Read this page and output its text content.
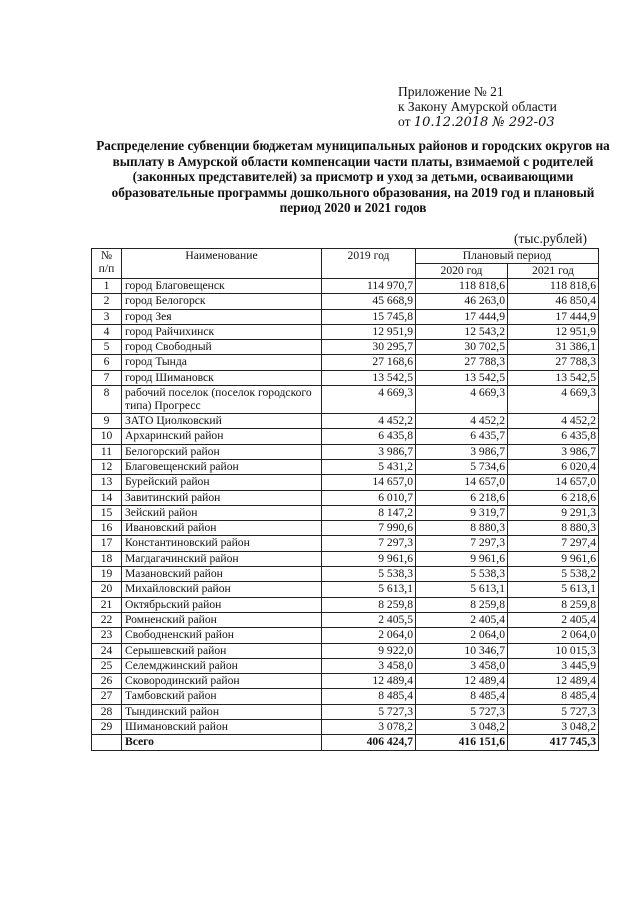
Приложение № 21
к Закону Амурской области
от 10.12.2018 № 292-03
Распределение субвенции бюджетам муниципальных районов и городских округов на выплату в Амурской области компенсации части платы, взимаемой с родителей (законных представителей) за присмотр и уход за детьми, осваивающими образовательные программы дошкольного образования, на 2019 год и плановый период 2020 и 2021 годов
(тыс.рублей)
№ п/п	Наименование	2019 год	Плановый период	
			2020 год	2021 год
1	город Благовещенск	114 970,7	118 818,6	118 818,6
2	город Белогорск	45 668,9	46 263,0	46 850,4
3	город Зея	15 745,8	17 444,9	17 444,9
4	город Райчихинск	12 951,9	12 543,2	12 951,9
5	город Свободный	30 295,7	30 702,5	31 386,1
6	город Тында	27 168,6	27 788,3	27 788,3
7	город Шимановск	13 542,5	13 542,5	13 542,5
8	рабочий поселок (поселок городского типа) Прогресс	4 669,3	4 669,3	4 669,3
9	ЗАТО Циолковский	4 452,2	4 452,2	4 452,2
10	Архаринский район	6 435,8	6 435,7	6 435,8
11	Белогорский район	3 986,7	3 986,7	3 986,7
12	Благовещенский район	5 431,2	5 734,6	6 020,4
13	Бурейский район	14 657,0	14 657,0	14 657,0
14	Завитинский район	6 010,7	6 218,6	6 218,6
15	Зейский район	8 147,2	9 319,7	9 291,3
16	Ивановский район	7 990,6	8 880,3	8 880,3
17	Константиновский район	7 297,3	7 297,3	7 297,4
18	Магдагачинский район	9 961,6	9 961,6	9 961,6
19	Мазановский район	5 538,3	5 538,3	5 538,2
20	Михайловский район	5 613,1	5 613,1	5 613,1
21	Октябрьский район	8 259,8	8 259,8	8 259,8
22	Ромненский район	2 405,5	2 405,4	2 405,4
23	Свободненский район	2 064,0	2 064,0	2 064,0
24	Серышевский район	9 922,0	10 346,7	10 015,3
25	Селемджинский район	3 458,0	3 458,0	3 445,9
26	Сковородинский район	12 489,4	12 489,4	12 489,4
27	Тамбовский район	8 485,4	8 485,4	8 485,4
28	Тындинский район	5 727,3	5 727,3	5 727,3
29	Шимановский район	3 078,2	3 048,2	3 048,2
	Всего	406 424,7	416 151,6	417 745,3
